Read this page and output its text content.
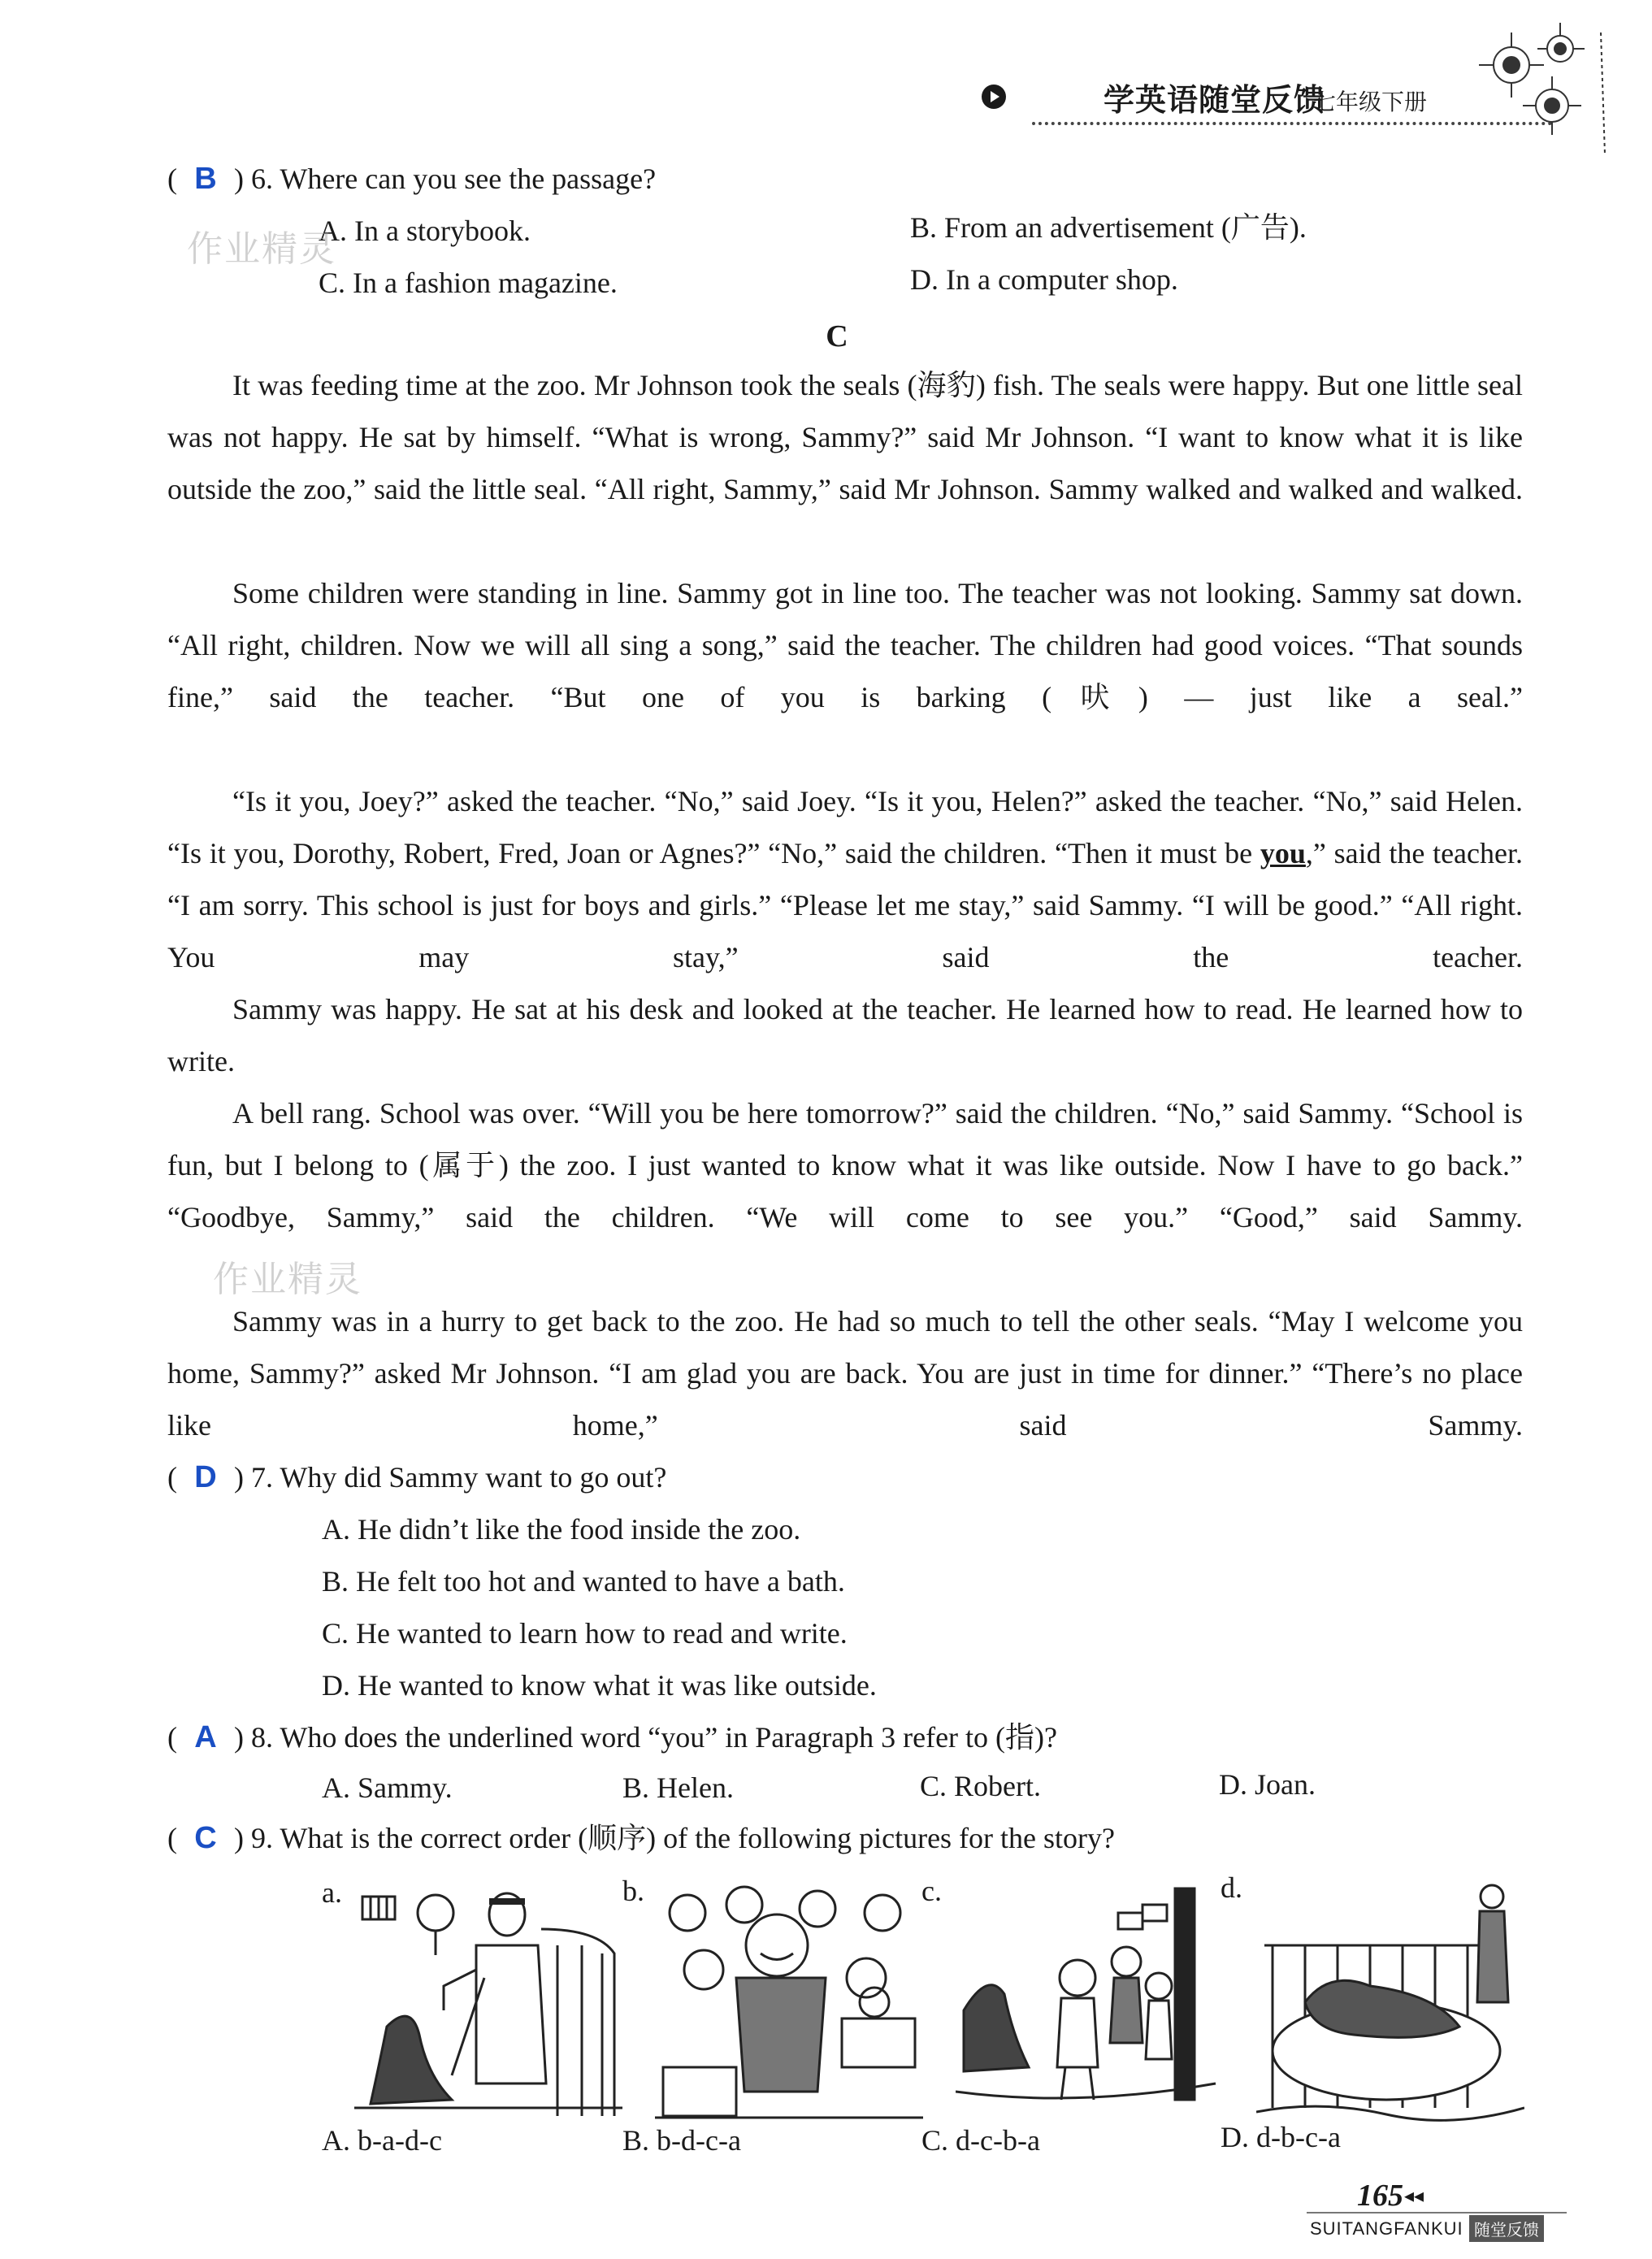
学英语随堂反馈
七年级下册
( B ) 6. Where can you see the passage?
A. In a storybook.	B. From an advertisement (广告).
C. In a fashion magazine.	D. In a computer shop.
作业精灵
C
It was feeding time at the zoo. Mr Johnson took the seals (海豹) fish. The seals were happy. But one little seal was not happy. He sat by himself. “What is wrong, Sammy?” said Mr Johnson. “I want to know what it is like outside the zoo,” said the little seal. “All right, Sammy,” said Mr Johnson. Sammy walked and walked and walked.
Some children were standing in line. Sammy got in line too. The teacher was not looking. Sammy sat down. “All right, children. Now we will all sing a song,” said the teacher. The children had good voices. “That sounds fine,” said the teacher. “But one of you is barking (吠) — just like a seal.”
“Is it you, Joey?” asked the teacher. “No,” said Joey. “Is it you, Helen?” asked the teacher. “No,” said Helen. “Is it you, Dorothy, Robert, Fred, Joan or Agnes?” “No,” said the children. “Then it must be you,” said the teacher. “I am sorry. This school is just for boys and girls.” “Please let me stay,” said Sammy. “I will be good.” “All right. You may stay,” said the teacher.
Sammy was happy. He sat at his desk and looked at the teacher. He learned how to read. He learned how to write.
A bell rang. School was over. “Will you be here tomorrow?” said the children. “No,” said Sammy. “School is fun, but I belong to (属于) the zoo. I just wanted to know what it was like outside. Now I have to go back.” “Goodbye, Sammy,” said the children. “We will come to see you.” “Good,” said Sammy.
作业精灵
Sammy was in a hurry to get back to the zoo. He had so much to tell the other seals. “May I welcome you home, Sammy?” asked Mr Johnson. “I am glad you are back. You are just in time for dinner.” “There’s no place like home,” said Sammy.
( D ) 7. Why did Sammy want to go out?
A. He didn’t like the food inside the zoo.
B. He felt too hot and wanted to have a bath.
C. He wanted to learn how to read and write.
D. He wanted to know what it was like outside.
( A ) 8. Who does the underlined word “you” in Paragraph 3 refer to (指)?
A. Sammy.	B. Helen.	C. Robert.	D. Joan.
( C ) 9. What is the correct order (顺序) of the following pictures for the story?
a.	b.	c.	d.
A. b-a-d-c	B. b-d-c-a	C. d-c-b-a	D. d-b-c-a
165 ◂◂
SUITANGFANKUI 随堂反馈
